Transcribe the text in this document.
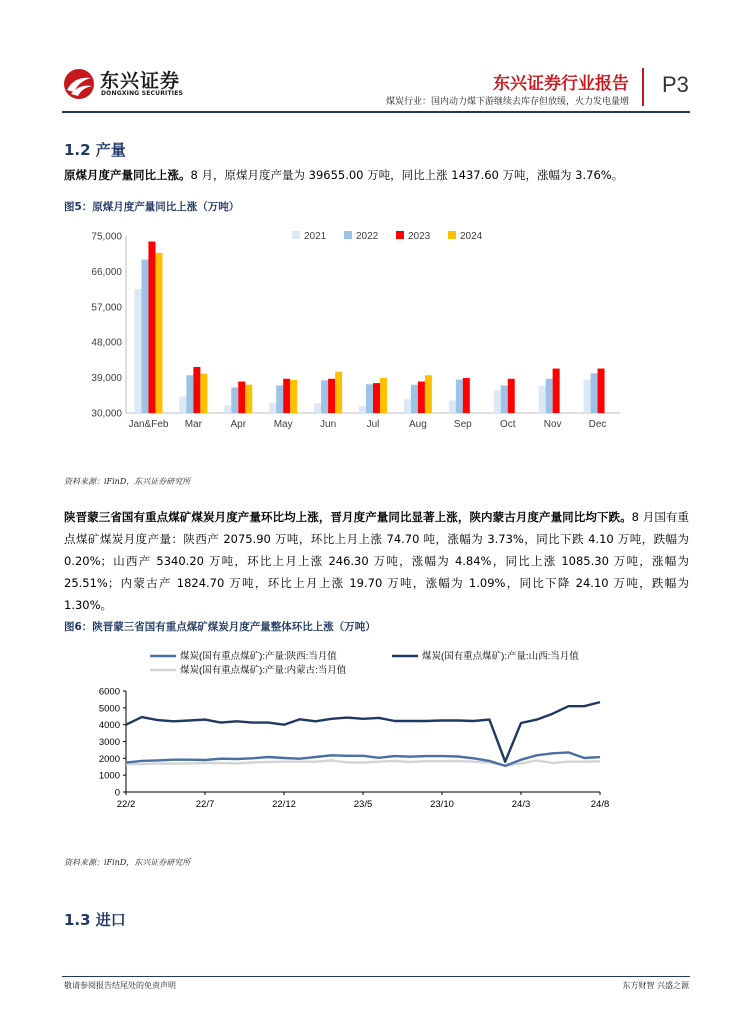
东兴证券
DONGXING SECURITIES	东兴证券行业报告
煤炭行业：国内动力煤下游继续去库存但放缓，火力发电量增
P3
1.2 产量
原煤月度产量同比上涨。8 月，原煤月度产量为 39655.00 万吨，同比上涨 1437.60 万吨，涨幅为 3.76%。
图5：原煤月度产量同比上涨（万吨）
30,000
39,000
48,000
57,000
66,000
75,000
Jan&Feb Mar	Apr	May	Jun	Jul	Aug	Sep	Oct	Nov	Dec
2021	2022	2023	2024
资料来源：iFinD，东兴证券研究所
陕晋蒙三省国有重点煤矿煤炭月度产量环比均上涨，晋月度产量同比显著上涨，陕内蒙古月度产量同比均下跌。8 月国有重点煤矿煤炭月度产量：陕西产 2075.90 万吨，环比上月上涨 74.70 吨，涨幅为 3.73%，同比下跌 4.10 万吨，跌幅为 0.20%；山西产 5340.20 万吨，环比上月上涨 246.30 万吨，涨幅为 4.84%，同比上涨 1085.30 万吨，涨幅为 25.51%；内蒙古产 1824.70 万吨，环比上月上涨 19.70 万吨，涨幅为 1.09%，同比下降 24.10 万吨，跌幅为 1.30%。
图6：陕晋蒙三省国有重点煤矿煤炭月度产量整体环比上涨（万吨）
0
1000
2000
3000
4000
5000
6000
22/2	22/7	22/12	23/5	23/10	24/3	24/8
煤炭(国有重点煤矿):产量:陕西:当月值	煤炭(国有重点煤矿):产量:山西:当月值
煤炭(国有重点煤矿):产量:内蒙古:当月值
资料来源：iFinD，东兴证券研究所
1.3 进口
敬请参阅报告结尾处的免责声明	东方财智 兴盛之源
